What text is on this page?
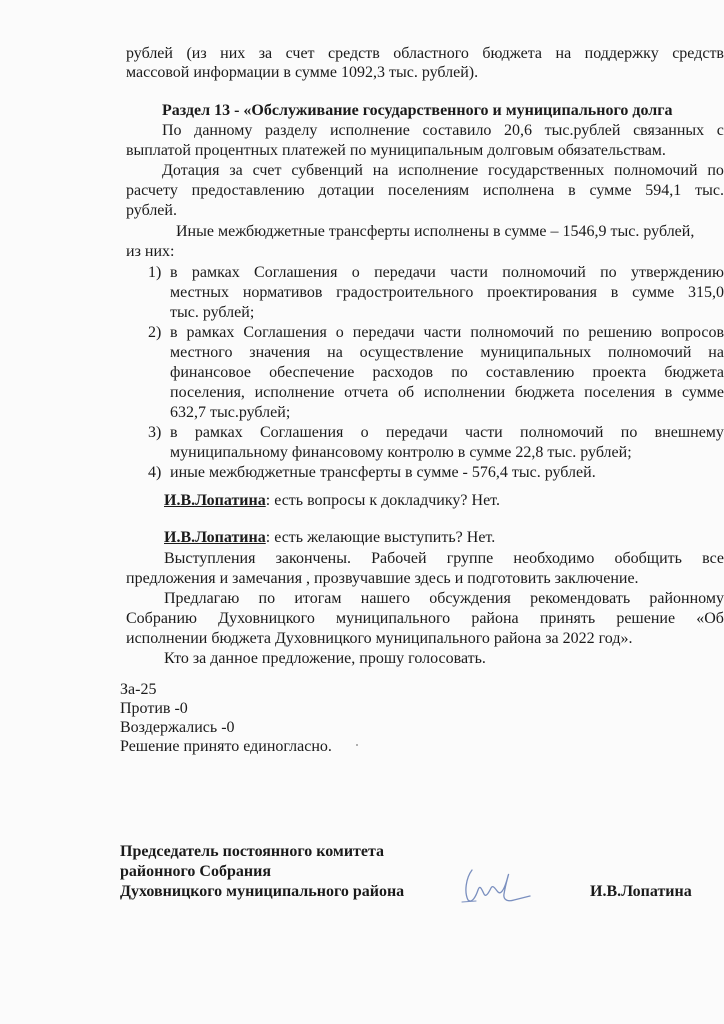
рублей (из них за счет средств областного бюджета на поддержку средств
массовой информации в сумме 1092,3 тыс. рублей).
Раздел 13 - «Обслуживание государственного и муниципального долга
По данному разделу исполнение составило 20,6 тыс.рублей связанных с
выплатой процентных платежей по муниципальным долговым обязательствам.
Дотация за счет субвенций на исполнение государственных полномочий по
расчету предоставлению дотации поселениям исполнена в сумме 594,1 тыс.
рублей.
Иные межбюджетные трансферты исполнены в сумме – 1546,9 тыс. рублей,
из них:
1) в рамках Соглашения о передачи части полномочий по утверждению
местных нормативов градостроительного проектирования в сумме 315,0
тыс. рублей;
2) в рамках Соглашения о передачи части полномочий по решению вопросов
местного значения на осуществление муниципальных полномочий на
финансовое обеспечение расходов по составлению проекта бюджета
поселения, исполнение отчета об исполнении бюджета поселения в сумме
632,7 тыс.рублей;
3) в рамках Соглашения о передачи части полномочий по внешнему
муниципальному финансовому контролю в сумме 22,8 тыс. рублей;
4) иные межбюджетные трансферты в сумме - 576,4 тыс. рублей.
И.В.Лопатина: есть вопросы к докладчику? Нет.
И.В.Лопатина: есть желающие выступить? Нет.
Выступления закончены. Рабочей группе необходимо обобщить все
предложения и замечания , прозвучавшие здесь и подготовить заключение.
Предлагаю по итогам нашего обсуждения рекомендовать районному
Собранию Духовницкого муниципального района принять решение «Об
исполнении бюджета Духовницкого муниципального района за 2022 год».
Кто за данное предложение, прошу голосовать.
За-25
Против -0
Воздержались -0
Решение принято единогласно.
Председатель постоянного комитета
районного Собрания
Духовницкого муниципального района	И.В.Лопатина
